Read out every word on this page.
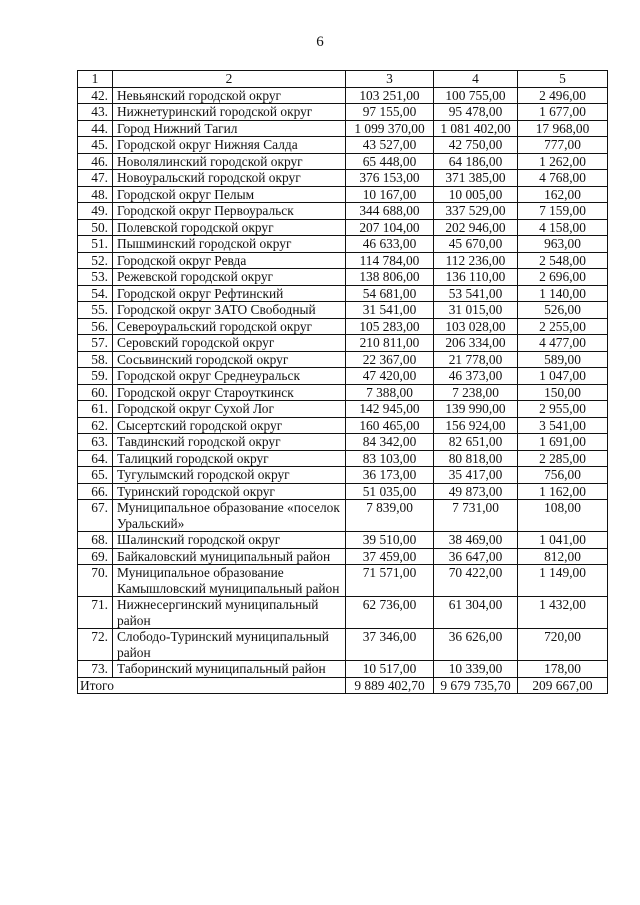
6
1	2	3	4	5
42.	Невьянский городской округ	103 251,00	100 755,00	2 496,00
43.	Нижнетуринский городской округ	97 155,00	95 478,00	1 677,00
44.	Город Нижний Тагил	1 099 370,00	1 081 402,00	17 968,00
45.	Городской округ Нижняя Салда	43 527,00	42 750,00	777,00
46.	Новолялинский городской округ	65 448,00	64 186,00	1 262,00
47.	Новоуральский городской округ	376 153,00	371 385,00	4 768,00
48.	Городской округ Пелым	10 167,00	10 005,00	162,00
49.	Городской округ Первоуральск	344 688,00	337 529,00	7 159,00
50.	Полевской городской округ	207 104,00	202 946,00	4 158,00
51.	Пышминский городской округ	46 633,00	45 670,00	963,00
52.	Городской округ Ревда	114 784,00	112 236,00	2 548,00
53.	Режевской городской округ	138 806,00	136 110,00	2 696,00
54.	Городской округ Рефтинский	54 681,00	53 541,00	1 140,00
55.	Городской округ ЗАТО Свободный	31 541,00	31 015,00	526,00
56.	Североуральский городской округ	105 283,00	103 028,00	2 255,00
57.	Серовский городской округ	210 811,00	206 334,00	4 477,00
58.	Сосьвинский городской округ	22 367,00	21 778,00	589,00
59.	Городской округ Среднеуральск	47 420,00	46 373,00	1 047,00
60.	Городской округ Староуткинск	7 388,00	7 238,00	150,00
61.	Городской округ Сухой Лог	142 945,00	139 990,00	2 955,00
62.	Сысертский городской округ	160 465,00	156 924,00	3 541,00
63.	Тавдинский городской округ	84 342,00	82 651,00	1 691,00
64.	Талицкий городской округ	83 103,00	80 818,00	2 285,00
65.	Тугулымский городской округ	36 173,00	35 417,00	756,00
66.	Туринский городской округ	51 035,00	49 873,00	1 162,00
67.	Муниципальное образование «поселок Уральский»	7 839,00	7 731,00	108,00
68.	Шалинский городской округ	39 510,00	38 469,00	1 041,00
69.	Байкаловский муниципальный район	37 459,00	36 647,00	812,00
70.	Муниципальное образование Камышловский муниципальный район	71 571,00	70 422,00	1 149,00
71.	Нижнесергинский муниципальный район	62 736,00	61 304,00	1 432,00
72.	Слободо-Туринский муниципальный район	37 346,00	36 626,00	720,00
73.	Таборинский муниципальный район	10 517,00	10 339,00	178,00
Итого		9 889 402,70	9 679 735,70	209 667,00
